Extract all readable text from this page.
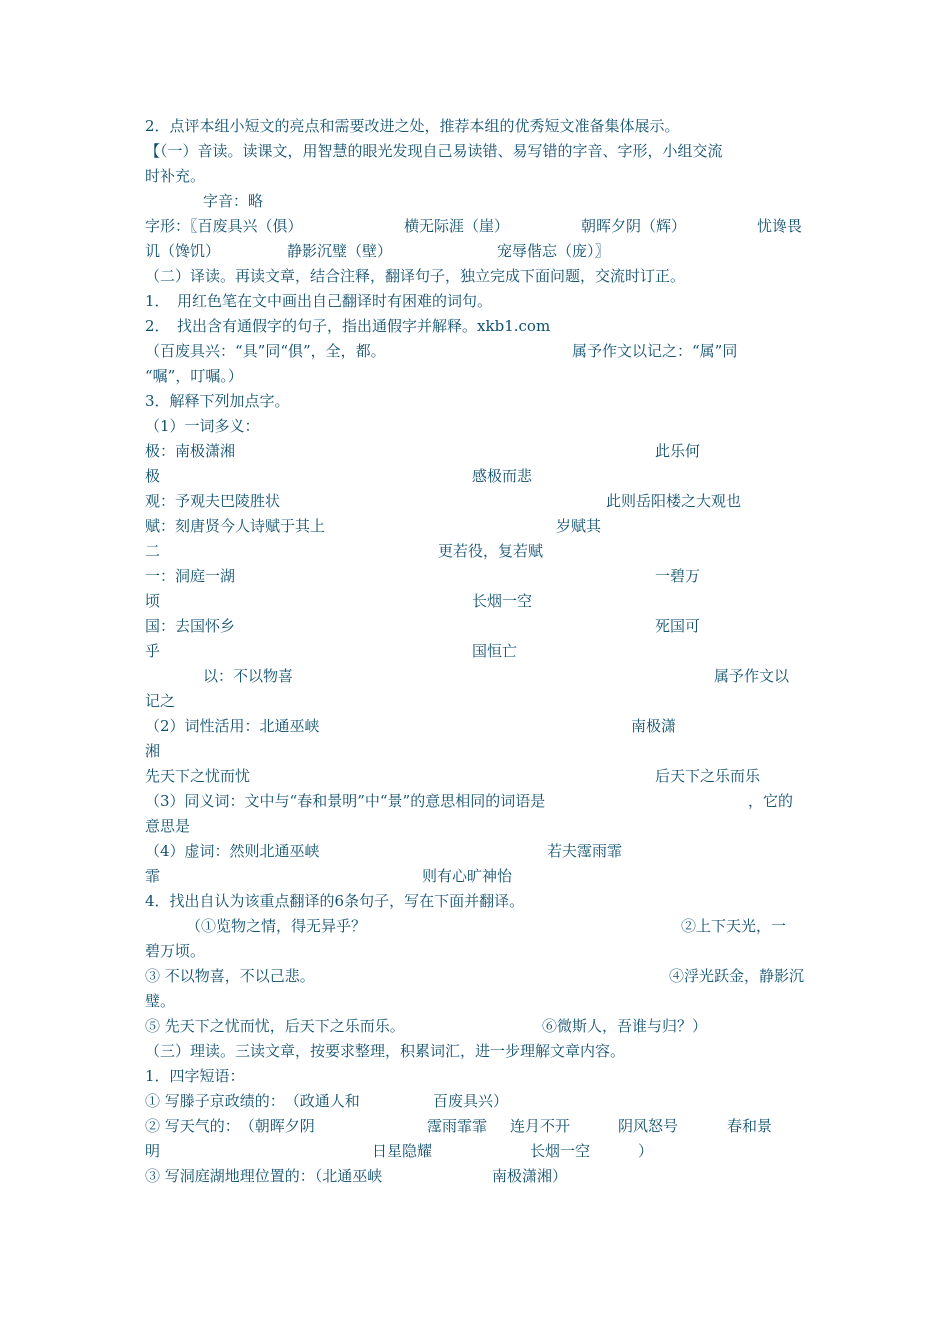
2．点评本组小短文的亮点和需要改进之处，推荐本组的优秀短文准备集体展示。
【（一）音读。读课文，用智慧的眼光发现自己易读错、易写错的字音、字形，小组交流
时补充。
字音：略
字形：〖百废具兴（俱）	横无际涯（崖）	朝晖夕阴（辉）	忧谗畏
讥（馋饥）	静影沉璧（壁）	宠辱偕忘（庞）〗
（二）译读。再读文章，结合注释，翻译句子，独立完成下面问题，交流时订正。
1．　用红色笔在文中画出自己翻译时有困难的词句。
2．　找出含有通假字的句子，指出通假字并解释。xkb1.com
（百废具兴：“具”同“俱”，全，都。	属予作文以记之：“属”同
“嘱”，叮嘱。）
3．解释下列加点字。
（1）一词多义：
极：南极潇湘	此乐何
极	感极而悲
观：予观夫巴陵胜状	此则岳阳楼之大观也
赋：刻唐贤今人诗赋于其上	岁赋其
二	更若役，复若赋
一：洞庭一湖	一碧万
顷	长烟一空
国：去国怀乡	死国可
乎	国恒亡
以：不以物喜	属予作文以
记之
（2）词性活用：北通巫峡	南极潇
湘
先天下之忧而忧	后天下之乐而乐
（3）同义词：文中与“春和景明”中“景”的意思相同的词语是	，它的
意思是
（4）虚词：然则北通巫峡	若夫霪雨霏
霏	则有心旷神怡
4．找出自认为该重点翻译的6条句子，写在下面并翻译。
（①览物之情，得无异乎？	②上下天光，一
碧万顷。
③ 不以物喜，不以己悲。	④浮光跃金，静影沉
璧。
⑤ 先天下之忧而忧，后天下之乐而乐。	⑥微斯人，吾谁与归？）
（三）理读。三读文章，按要求整理，积累词汇，进一步理解文章内容。
1．四字短语：
① 写滕子京政绩的：　（政通人和	百废具兴）
② 写天气的：　（朝晖夕阴	霪雨霏霏 连月不开	阴风怒号	春和景
明	日星隐耀	长烟一空	）
③ 写洞庭湖地理位置的：（北通巫峡	南极潇湘）
